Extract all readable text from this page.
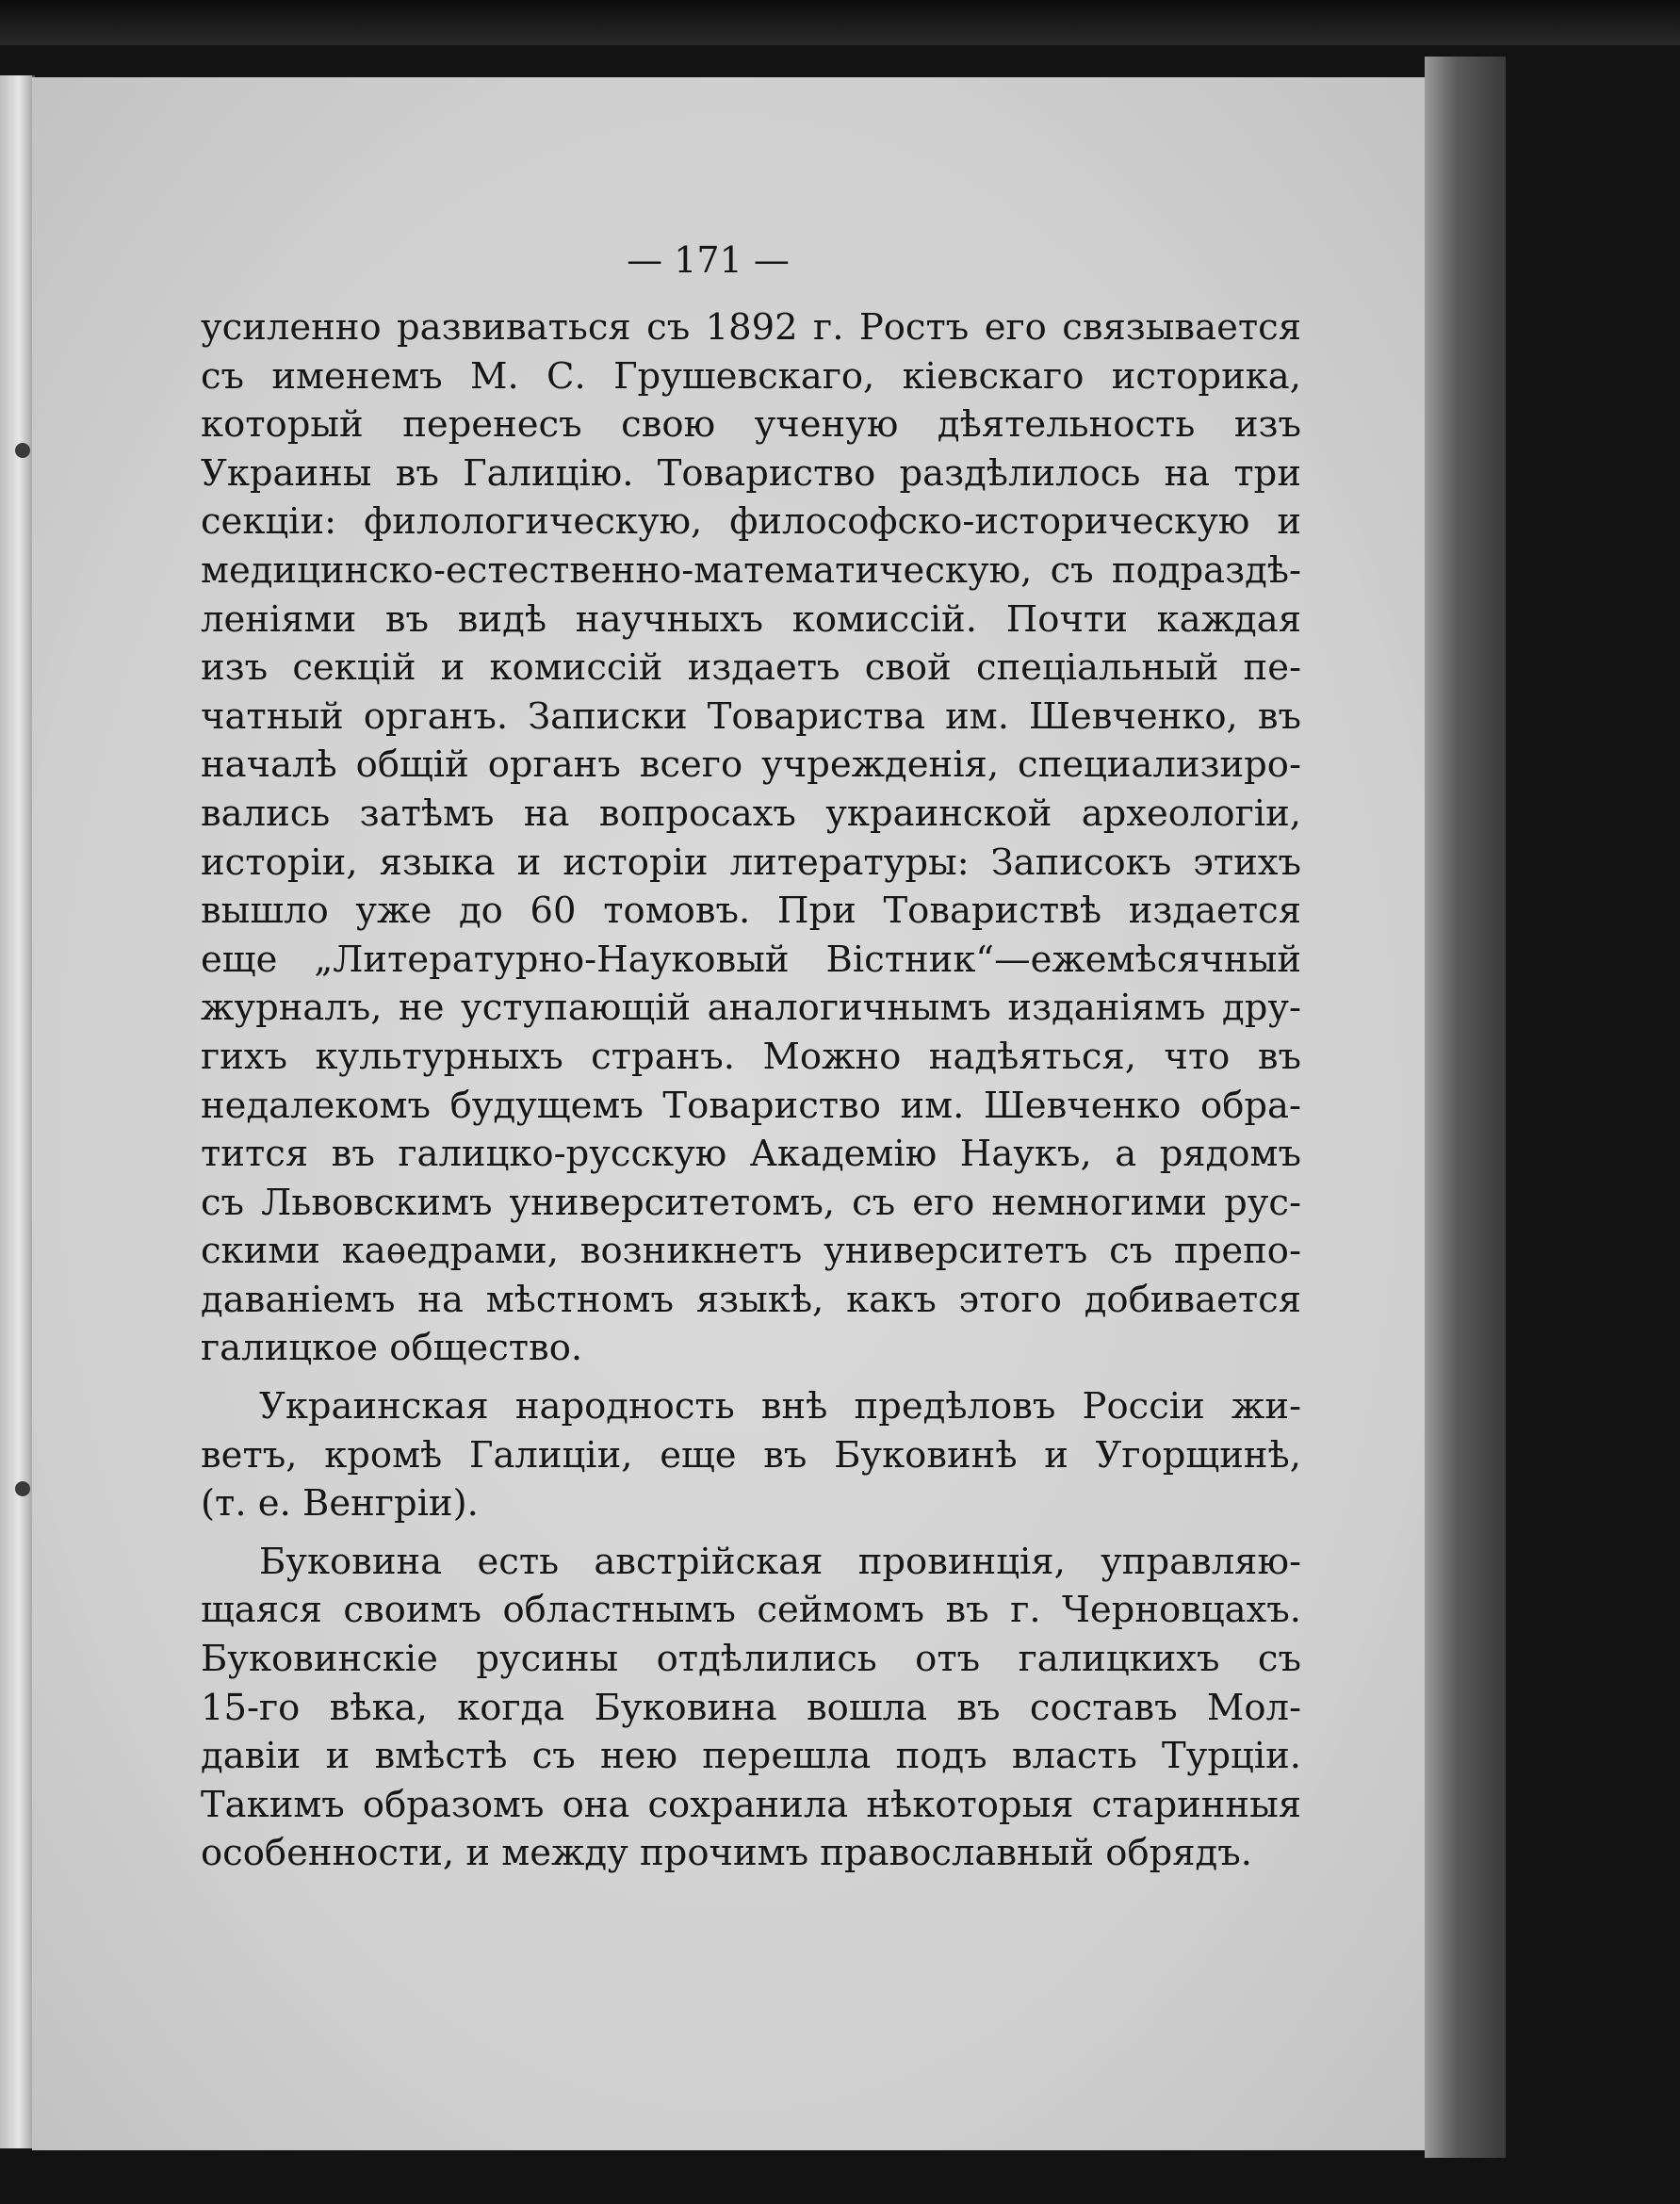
— 171 —
усиленно развиваться съ 1892 г. Ростъ его связывается
съ именемъ М. С. Грушевскаго, кіевскаго историка,
который перенесъ свою ученую дѣятельность изъ
Украины въ Галицію. Товариство раздѣлилось на три
секціи: филологическую, философско-историческую и
медицинско-естественно-математическую, съ подраздѣ-
леніями въ видѣ научныхъ комиссій. Почти каждая
изъ секцій и комиссій издаетъ свой спеціальный пе-
чатный органъ. Записки Товариства им. Шевченко, въ
началѣ общій органъ всего учрежденія, специализиро-
вались затѣмъ на вопросахъ украинской археологіи,
исторіи, языка и исторіи литературы: Записокъ этихъ
вышло уже до 60 томовъ. При Товариствѣ издается
еще „Литературно-Науковый Вістник“—ежемѣсячный
журналъ, не уступающій аналогичнымъ изданіямъ дру-
гихъ культурныхъ странъ. Можно надѣяться, что въ
недалекомъ будущемъ Товариство им. Шевченко обра-
тится въ галицко-русскую Академію Наукъ, а рядомъ
съ Львовскимъ университетомъ, съ его немногими рус-
скими каѳедрами, возникнетъ университетъ съ препо-
даваніемъ на мѣстномъ языкѣ, какъ этого добивается
галицкое общество.
Украинская народность внѣ предѣловъ Россіи жи-
ветъ, кромѣ Галиціи, еще въ Буковинѣ и Угорщинѣ,
(т. е. Венгріи).
Буковина есть австрійская провинція, управляю-
щаяся своимъ областнымъ сеймомъ въ г. Черновцахъ.
Буковинскіе русины отдѣлились отъ галицкихъ съ
15-го вѣка, когда Буковина вошла въ составъ Мол-
давіи и вмѣстѣ съ нею перешла подъ власть Турціи.
Такимъ образомъ она сохранила нѣкоторыя старинныя
особенности, и между прочимъ православный обрядъ.
